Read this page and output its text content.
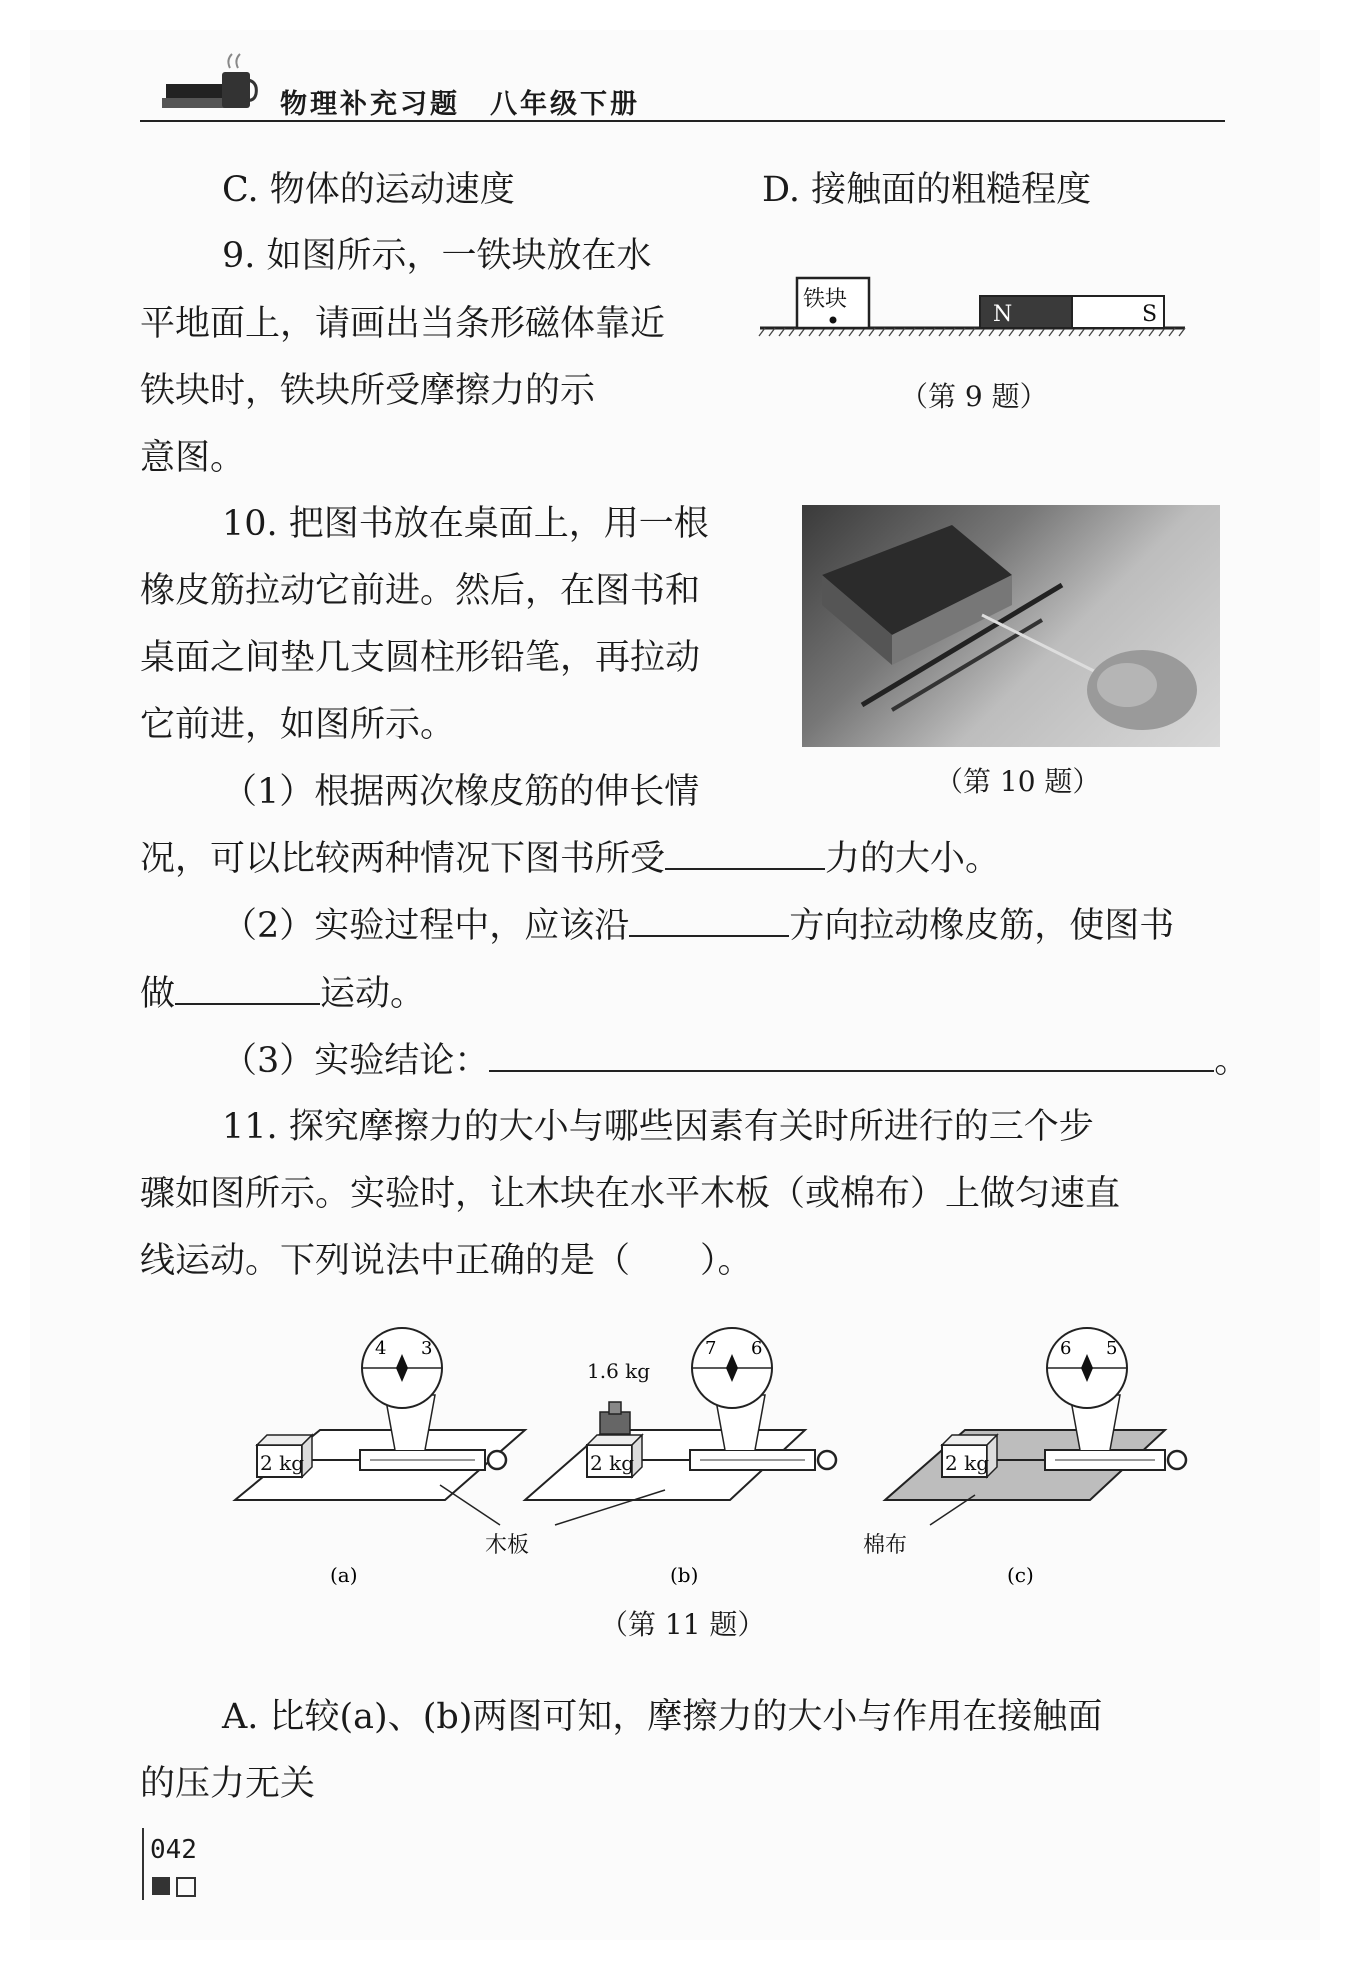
物理补充习题　八年级下册
C. 物体的运动速度	D. 接触面的粗糙程度
9. 如图所示，一铁块放在水
平地面上，请画出当条形磁体靠近
铁块时，铁块所受摩擦力的示
意图。
铁块
N	S
（第 9 题）
10. 把图书放在桌面上，用一根
橡皮筋拉动它前进。然后，在图书和
桌面之间垫几支圆柱形铅笔，再拉动
它前进，如图所示。
（第 10 题）
（1）根据两次橡皮筋的伸长情
况，可以比较两种情况下图书所受	力的大小。
（2）实验过程中，应该沿	方向拉动橡皮筋，使图书
做	运动。
（3）实验结论：	。
11. 探究摩擦力的大小与哪些因素有关时所进行的三个步
骤如图所示。实验时，让木块在水平木板（或棉布）上做匀速直
线运动。下列说法中正确的是（　　）。
2 kg
4 3
2 kg
1.6 kg
7 6
2 kg
6 5
木板	棉布
(a)	(b)	(c)
（第 11 题）
A. 比较(a)、(b)两图可知，摩擦力的大小与作用在接触面
的压力无关
042
